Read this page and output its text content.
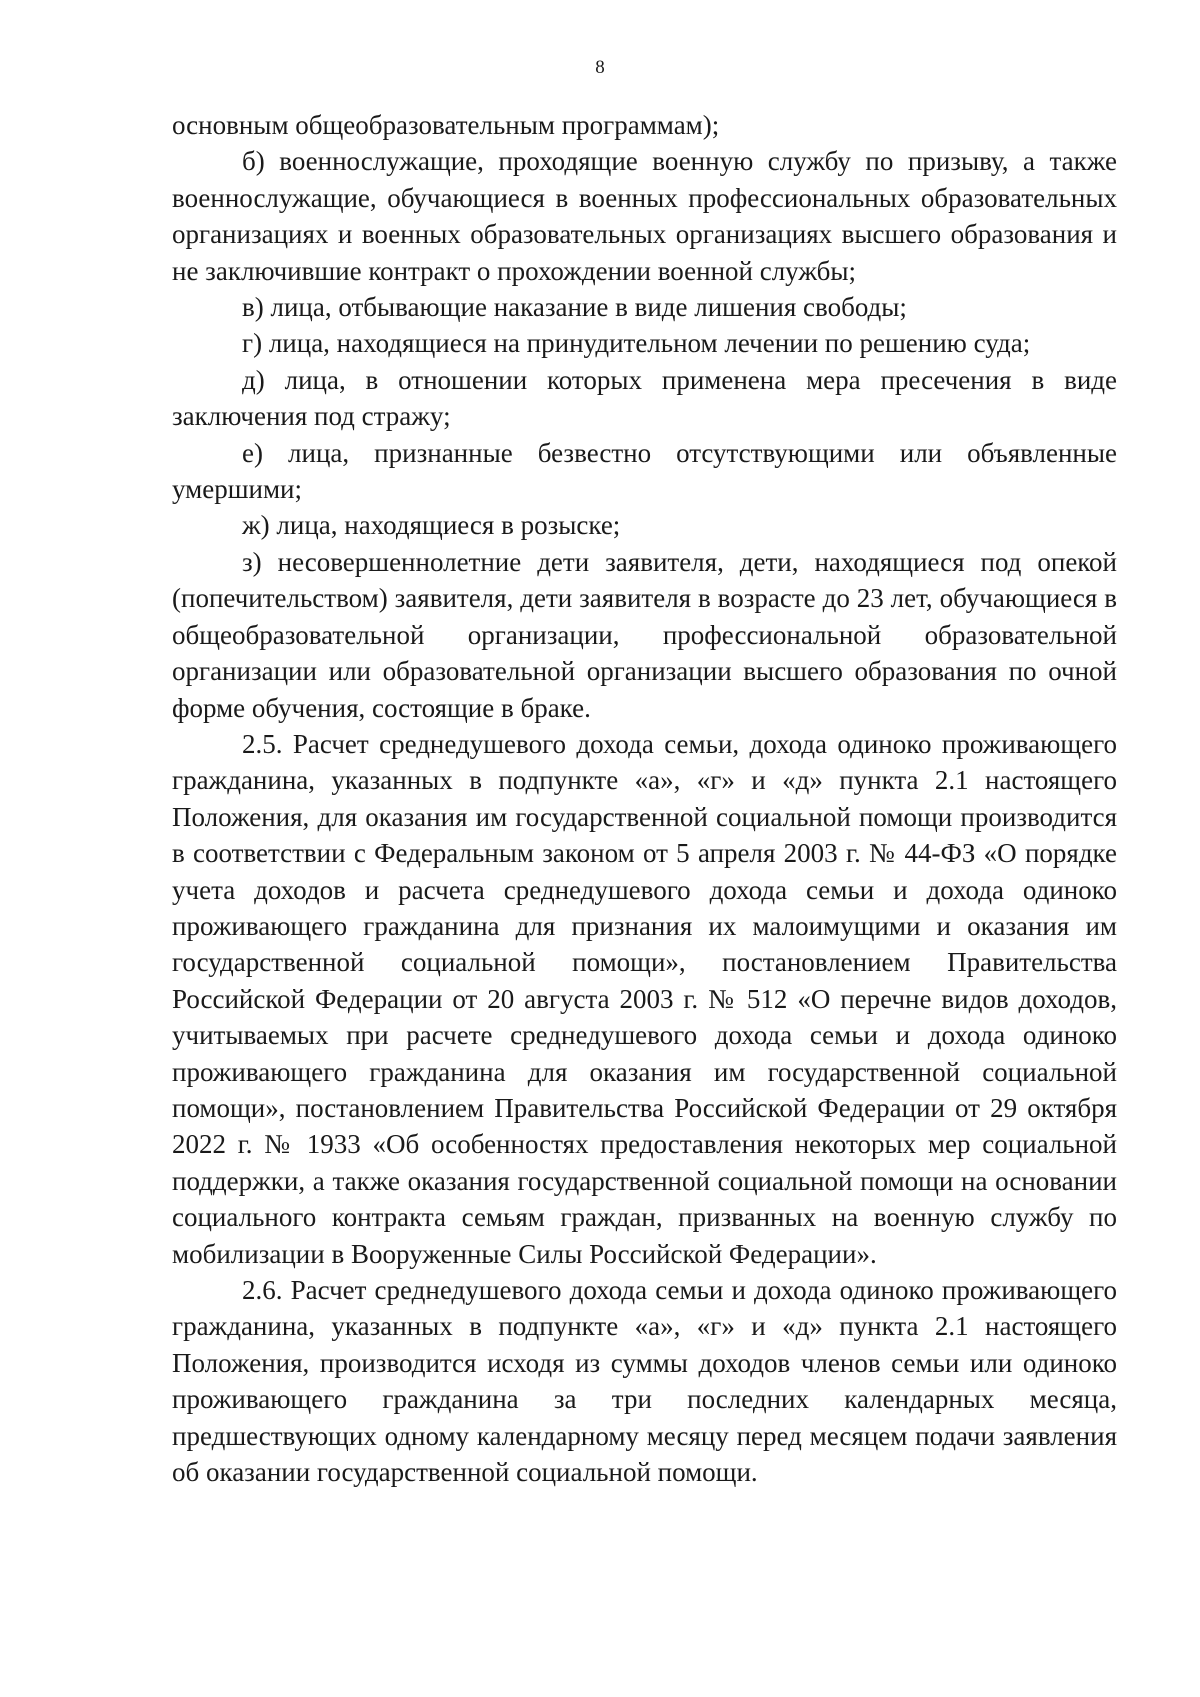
8

основным общеобразовательным программам);

б) военнослужащие, проходящие военную службу по призыву, а также военнослужащие, обучающиеся в военных профессиональных образовательных организациях и военных образовательных организациях высшего образования и не заключившие контракт о прохождении военной службы;

в) лица, отбывающие наказание в виде лишения свободы;

г) лица, находящиеся на принудительном лечении по решению суда;

д) лица, в отношении которых применена мера пресечения в виде заключения под стражу;

е) лица, признанные безвестно отсутствующими или объявленные умершими;

ж) лица, находящиеся в розыске;

з) несовершеннолетние дети заявителя, дети, находящиеся под опекой (попечительством) заявителя, дети заявителя в возрасте до 23 лет, обучающиеся в общеобразовательной организации, профессиональной образовательной организации или образовательной организации высшего образования по очной форме обучения, состоящие в браке.

2.5. Расчет среднедушевого дохода семьи, дохода одиноко проживающего гражданина, указанных в подпункте «а», «г» и «д» пункта 2.1 настоящего Положения, для оказания им государственной социальной помощи производится в соответствии с Федеральным законом от 5 апреля 2003 г. № 44-ФЗ «О порядке учета доходов и расчета среднедушевого дохода семьи и дохода одиноко проживающего гражданина для признания их малоимущими и оказания им государственной социальной помощи», постановлением Правительства Российской Федерации от 20 августа 2003 г. № 512 «О перечне видов доходов, учитываемых при расчете среднедушевого дохода семьи и дохода одиноко проживающего гражданина для оказания им государственной социальной помощи», постановлением Правительства Российской Федерации от 29 октября 2022 г. № 1933 «Об особенностях предоставления некоторых мер социальной поддержки, а также оказания государственной социальной помощи на основании социального контракта семьям граждан, призванных на военную службу по мобилизации в Вооруженные Силы Российской Федерации».

2.6. Расчет среднедушевого дохода семьи и дохода одиноко проживающего гражданина, указанных в подпункте «а», «г» и «д» пункта 2.1 настоящего Положения, производится исходя из суммы доходов членов семьи или одиноко проживающего гражданина за три последних календарных месяца, предшествующих одному календарному месяцу перед месяцем подачи заявления об оказании государственной социальной помощи.
